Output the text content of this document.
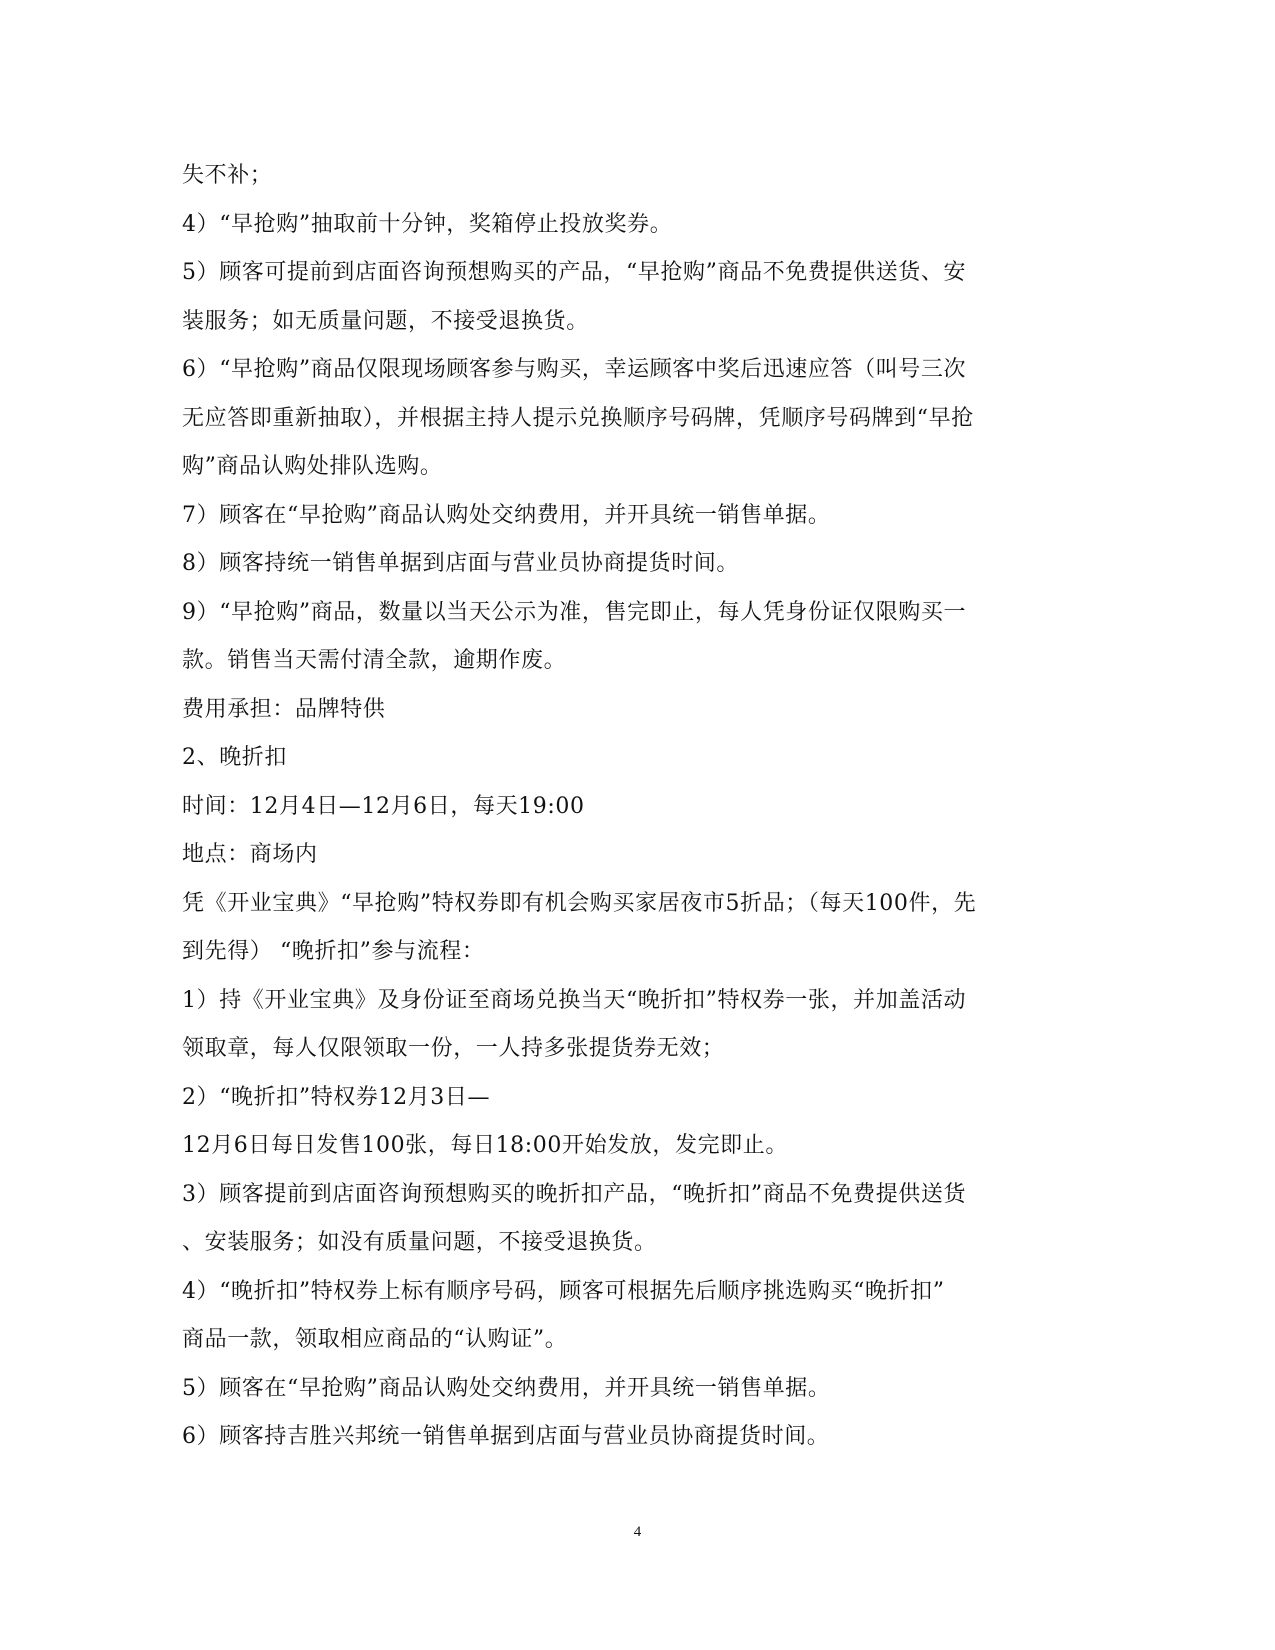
失不补；
4）“早抢购”抽取前十分钟，奖箱停止投放奖券。
5）顾客可提前到店面咨询预想购买的产品，“早抢购”商品不免费提供送货、安
装服务；如无质量问题，不接受退换货。
6）“早抢购”商品仅限现场顾客参与购买，幸运顾客中奖后迅速应答（叫号三次
无应答即重新抽取），并根据主持人提示兑换顺序号码牌，凭顺序号码牌到“早抢
购”商品认购处排队选购。
7）顾客在“早抢购”商品认购处交纳费用，并开具统一销售单据。
8）顾客持统一销售单据到店面与营业员协商提货时间。
9）“早抢购”商品，数量以当天公示为准，售完即止，每人凭身份证仅限购买一
款。销售当天需付清全款，逾期作废。
费用承担：品牌特供
2、晚折扣
时间：12月4日—12月6日，每天19:00
地点：商场内
凭《开业宝典》“早抢购”特权券即有机会购买家居夜市5折品；（每天100件，先
到先得） “晚折扣”参与流程：
1）持《开业宝典》及身份证至商场兑换当天“晚折扣”特权券一张，并加盖活动
领取章，每人仅限领取一份，一人持多张提货券无效；
2）“晚折扣”特权券12月3日—
12月6日每日发售100张，每日18:00开始发放，发完即止。
3）顾客提前到店面咨询预想购买的晚折扣产品，“晚折扣”商品不免费提供送货
、安装服务；如没有质量问题，不接受退换货。
4）“晚折扣”特权券上标有顺序号码，顾客可根据先后顺序挑选购买“晚折扣”
商品一款，领取相应商品的“认购证”。
5）顾客在“早抢购”商品认购处交纳费用，并开具统一销售单据。
6）顾客持吉胜兴邦统一销售单据到店面与营业员协商提货时间。
4
